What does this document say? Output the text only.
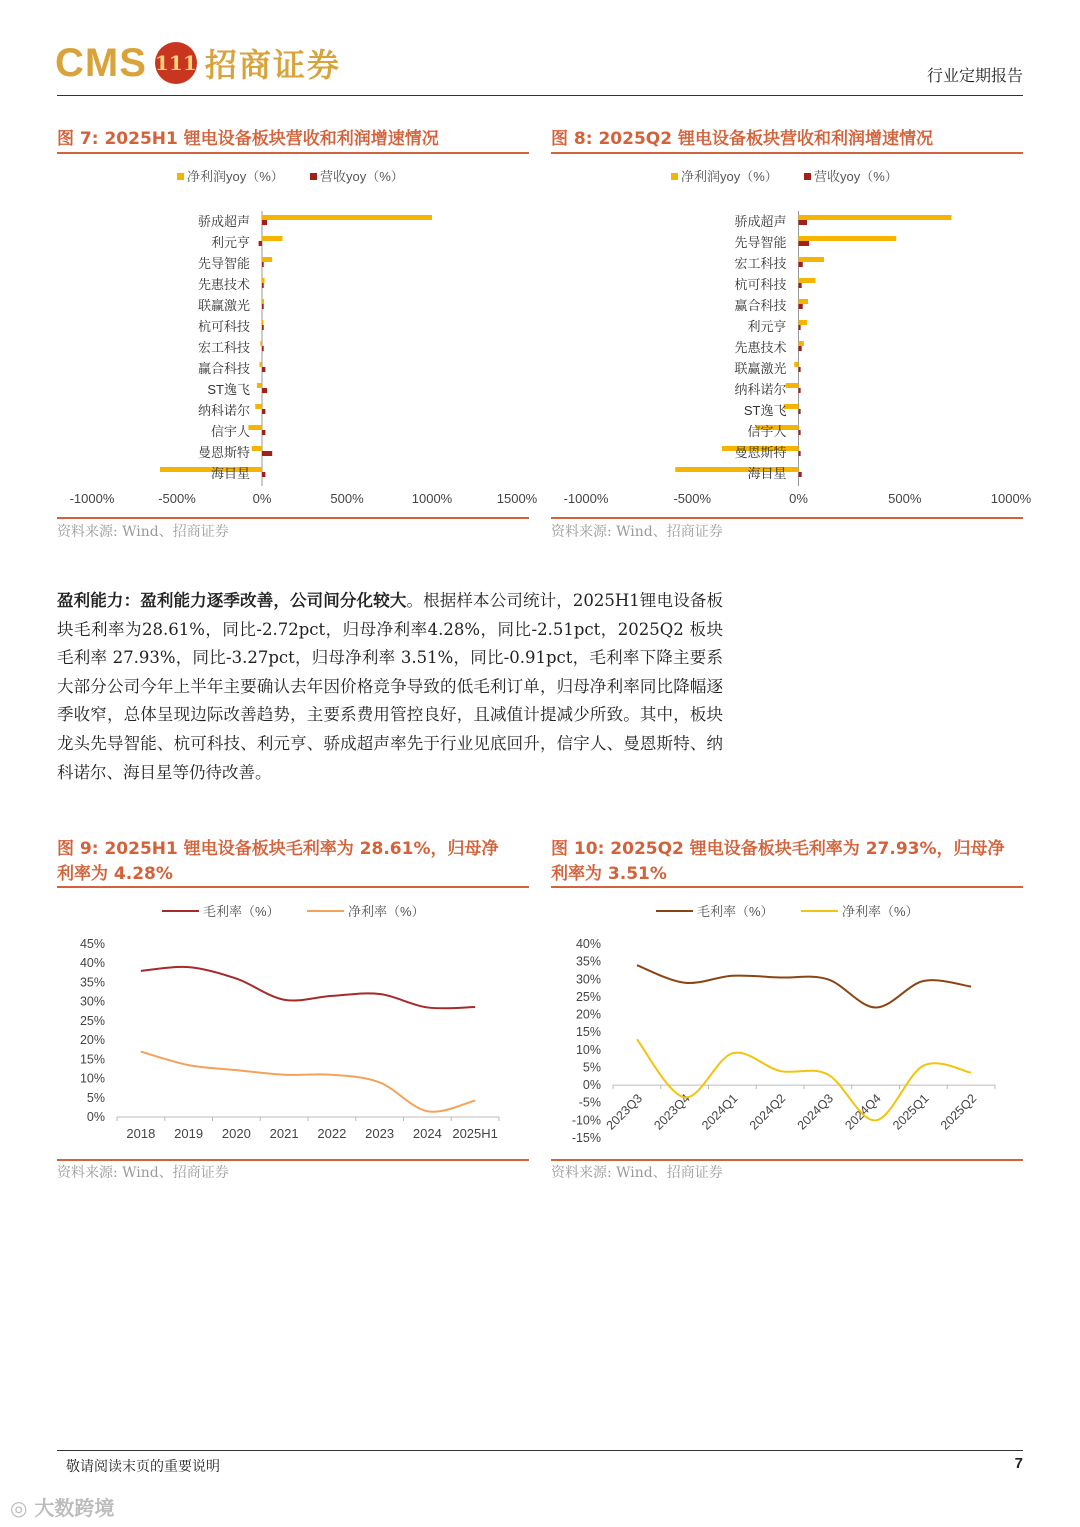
CMS 111 招商证券	行业定期报告
图 7: 2025H1 锂电设备板块营收和利润增速情况
净利润yoy（%）	营收yoy（%）
骄成超声
利元亨
先导智能
先惠技术
联赢激光
杭可科技
宏工科技
赢合科技
ST逸飞
纳科诺尔
信宇人
曼恩斯特
海目星
-1000%	-500%	0%	500%	1000%	1500%
资料来源: Wind、招商证券
图 8: 2025Q2 锂电设备板块营收和利润增速情况
净利润yoy（%）	营收yoy（%）
骄成超声
先导智能
宏工科技
杭可科技
赢合科技
利元亨
先惠技术
联赢激光
纳科诺尔
ST逸飞
信宇人
曼恩斯特
海目星
-1000%	-500%	0%	500%	1000%
资料来源: Wind、招商证券
盈利能力：盈利能力逐季改善，公司间分化较大。根据样本公司统计，2025H1锂电设备板块毛利率为28.61%，同比-2.72pct，归母净利率4.28%，同比-2.51pct，2025Q2 板块毛利率 27.93%，同比-3.27pct，归母净利率 3.51%，同比-0.91pct，毛利率下降主要系大部分公司今年上半年主要确认去年因价格竞争导致的低毛利订单，归母净利率同比降幅逐季收窄，总体呈现边际改善趋势，主要系费用管控良好，且减值计提减少所致。其中，板块龙头先导智能、杭可科技、利元亨、骄成超声率先于行业见底回升，信宇人、曼恩斯特、纳科诺尔、海目星等仍待改善。
图 9: 2025H1 锂电设备板块毛利率为 28.61%，归母净
利率为 4.28%
毛利率（%）	净利率（%）
0%
5%
10%
15%
20%
25%
30%
35%
40%
45%
2018 2019 2020 2021 2022 2023 2024 2025H1
资料来源: Wind、招商证券
图 10: 2025Q2 锂电设备板块毛利率为 27.93%，归母净
利率为 3.51%
毛利率（%）	净利率（%）
-15%
-10%
-5%
0%
5%
10%
15%
20%
25%
30%
35%
40%
2023Q3 2023Q4 2024Q1 2024Q2 2024Q3 2024Q4 2025Q1 2025Q2
资料来源: Wind、招商证券
敬请阅读末页的重要说明	7
◎ 大数跨境
